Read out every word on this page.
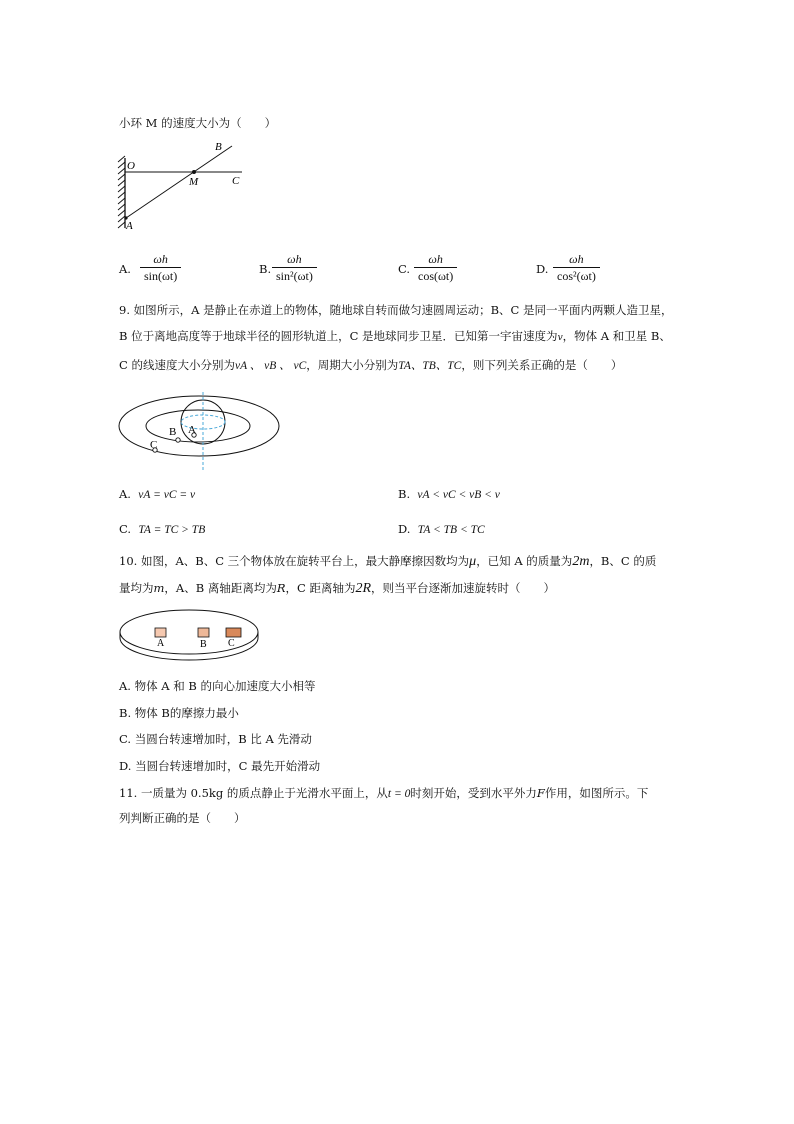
小环 M 的速度大小为（　　）
O
B
M	C
A
A. $\frac{\omega h}{\sin(\omega t)}$	B. $\frac{\omega h}{\text{sin²(ωt)}}$	C. $\frac{\omega h}{\cos(\omega t)}$	D. $\frac{\omega h}{\text{cos²(ωt)}}$
9. 如图所示，A 是静止在赤道上的物体，随地球自转而做匀速圆周运动；B、C 是同一平面内两颗人造卫星，
B 位于离地高度等于地球半径的圆形轨道上，C 是地球同步卫星．已知第一宇宙速度为v，物体 A 和卫星 B、
C 的线速度大小分别为vA 、 vB 、 vC，周期大小分别为TA、TB、TC，则下列关系正确的是（　　）
A
B
C
A. vA = vC = v	B. vA < vC < vB < v
C. TA = TC > TB	D. TA < TB < TC
10. 如图，A、B、C 三个物体放在旋转平台上，最大静摩擦因数均为μ，已知 A 的质量为2m，B、C 的质
量均为m，A、B 离轴距离均为R，C 距离轴为2R，则当平台逐渐加速旋转时（　　）
A	B C
A. 物体 A 和 B 的向心加速度大小相等
B. 物体 B的摩擦力最小
C. 当圆台转速增加时，B 比 A 先滑动
D. 当圆台转速增加时，C 最先开始滑动
11. 一质量为 0.5kg 的质点静止于光滑水平面上，从t = 0时刻开始，受到水平外力F作用，如图所示。下
列判断正确的是（　　）
